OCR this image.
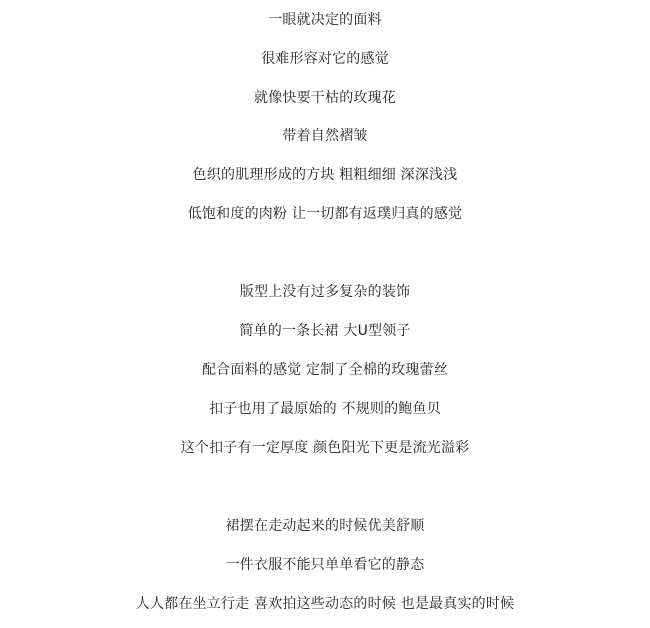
一眼就决定的面料
很难形容对它的感觉
就像快要干枯的玫瑰花
带着自然褶皱
色织的肌理形成的方块 粗粗细细 深深浅浅
低饱和度的肉粉 让一切都有返璞归真的感觉
版型上没有过多复杂的装饰
简单的一条长裙 大U型领子
配合面料的感觉 定制了全棉的玫瑰蕾丝
扣子也用了最原始的 不规则的鲍鱼贝
这个扣子有一定厚度 颜色阳光下更是流光溢彩
裙摆在走动起来的时候优美舒顺
一件衣服不能只单单看它的静态
人人都在坐立行走 喜欢拍这些动态的时候 也是最真实的时候
